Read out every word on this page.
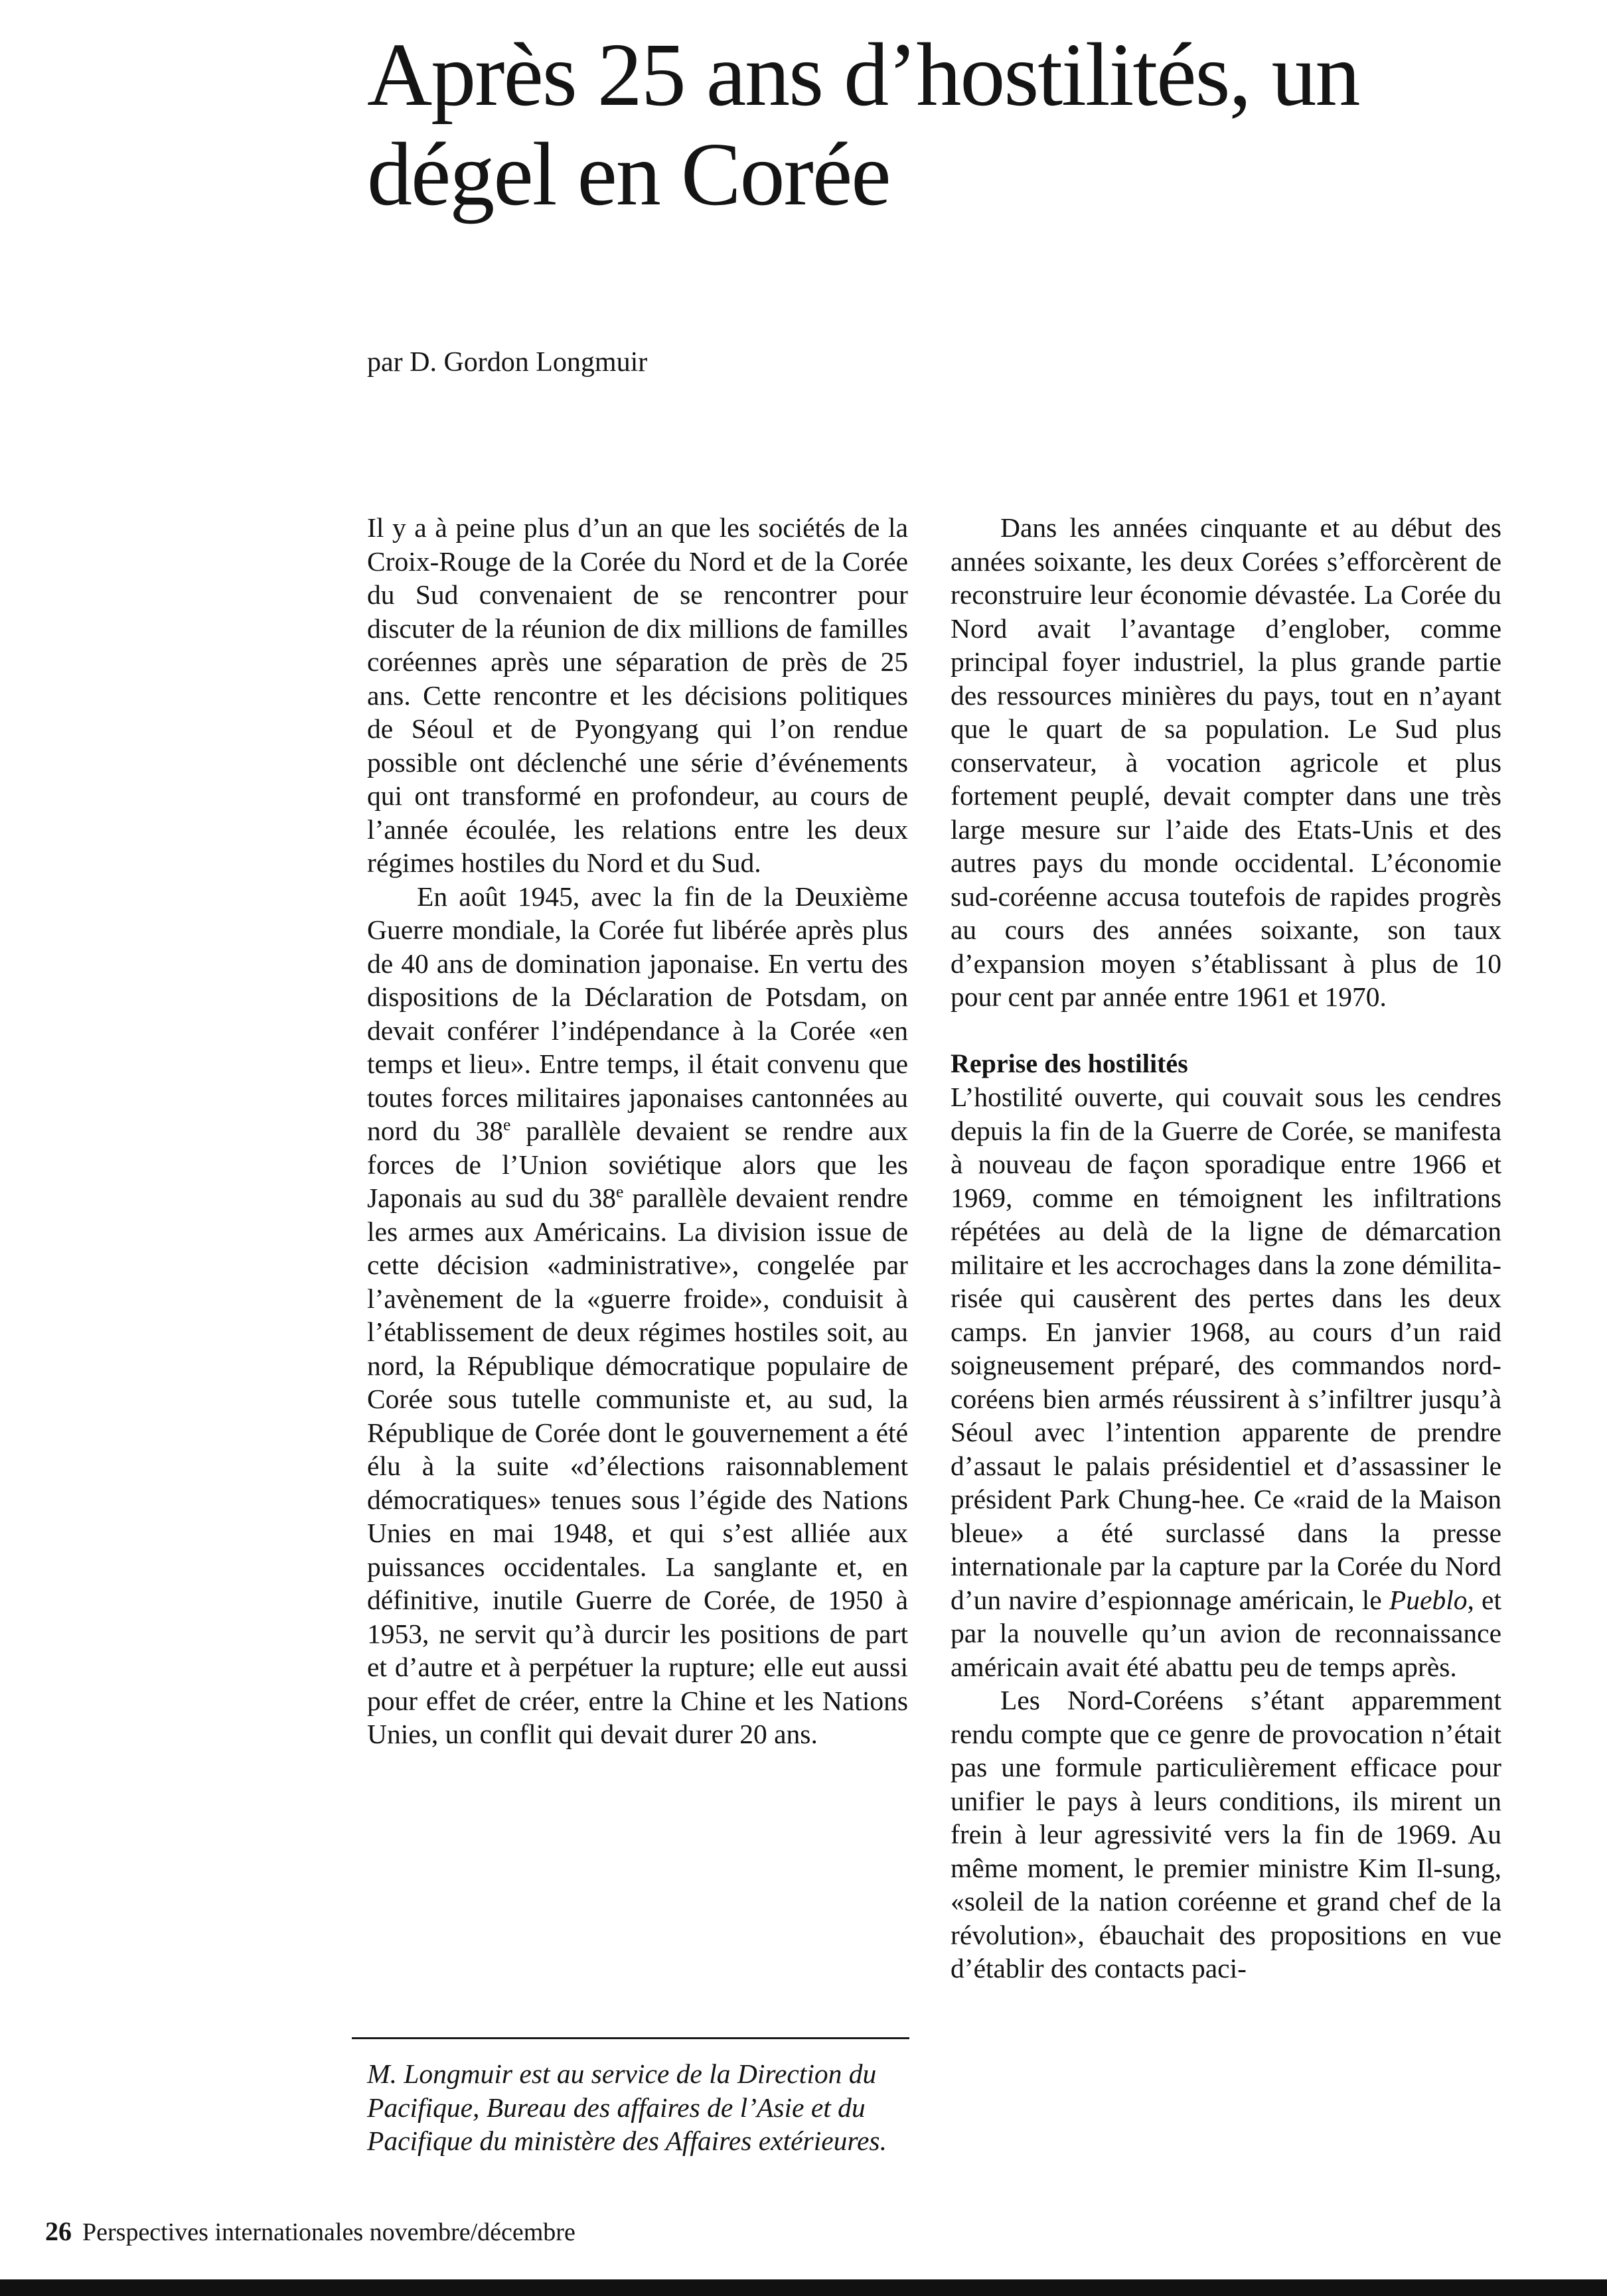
Après 25 ans d’hostilités, un dégel en Corée
par D. Gordon Longmuir

Il y a à peine plus d’un an que les sociétés de la Croix-Rouge de la Corée du Nord et de la Corée du Sud convenaient de se rencontrer pour discuter de la réunion de dix millions de familles coréennes après une séparation de près de 25 ans. Cette rencontre et les décisions politiques de Séoul et de Pyongyang qui l’on rendue possible ont déclenché une série d’événements qui ont transformé en profondeur, au cours de l’année écoulée, les relations entre les deux régimes hostiles du Nord et du Sud.

En août 1945, avec la fin de la Deuxième Guerre mondiale, la Corée fut libérée après plus de 40 ans de domination japonaise. En vertu des dispositions de la Déclaration de Potsdam, on devait conférer l’indépendance à la Corée «en temps et lieu». Entre temps, il était convenu que toutes forces militaires japonaises cantonnées au nord du 38e parallèle devaient se rendre aux forces de l’Union soviétique alors que les Japonais au sud du 38e parallèle devaient rendre les armes aux Américains. La division issue de cette décision «administrative», congelée par l’avènement de la «guerre froide», conduisit à l’établissement de deux régimes hostiles soit, au nord, la République démocratique populaire de Corée sous tutelle communiste et, au sud, la République de Corée dont le gouvernement a été élu à la suite «d’élections raisonnablement démocratiques» tenues sous l’égide des Nations Unies en mai 1948, et qui s’est alliée aux puissances occidentales. La sanglante et, en définitive, inutile Guerre de Corée, de 1950 à 1953, ne servit qu’à durcir les positions de part et d’autre et à perpétuer la rupture; elle eut aussi pour effet de créer, entre la Chine et les Nations Unies, un conflit qui devait durer 20 ans.

Dans les années cinquante et au début des années soixante, les deux Corées s’efforcèrent de reconstruire leur économie dévastée. La Corée du Nord avait l’avantage d’englober, comme principal foyer industriel, la plus grande partie des ressources minières du pays, tout en n’ayant que le quart de sa population. Le Sud plus conservateur, à vocation agricole et plus fortement peuplé, devait compter dans une très large mesure sur l’aide des Etats-Unis et des autres pays du monde occidental. L’économie sud-coréenne accusa toutefois de rapides progrès au cours des années soixante, son taux d’expansion moyen s’établissant à plus de 10 pour cent par année entre 1961 et 1970.

Reprise des hostilités

L’hostilité ouverte, qui couvait sous les cendres depuis la fin de la Guerre de Corée, se manifesta à nouveau de façon sporadique entre 1966 et 1969, comme en témoignent les infiltrations répétées au delà de la ligne de démarcation militaire et les accrochages dans la zone démilitarisée qui causèrent des pertes dans les deux camps. En janvier 1968, au cours d’un raid soigneusement préparé, des commandos nord-coréens bien armés réussirent à s’infiltrer jusqu’à Séoul avec l’intention apparente de prendre d’assaut le palais présidentiel et d’assassiner le président Park Chung-hee. Ce «raid de la Maison bleue» a été surclassé dans la presse internationale par la capture par la Corée du Nord d’un navire d’espionnage américain, le Pueblo, et par la nouvelle qu’un avion de reconnaissance américain avait été abattu peu de temps après.

Les Nord-Coréens s’étant apparemment rendu compte que ce genre de provocation n’était pas une formule particulièrement efficace pour unifier le pays à leurs conditions, ils mirent un frein à leur agressivité vers la fin de 1969. Au même moment, le premier ministre Kim Il-sung, «soleil de la nation coréenne et grand chef de la révolution», ébauchait des propositions en vue d’établir des contacts paci-

M. Longmuir est au service de la Direction du Pacifique, Bureau des affaires de l’Asie et du Pacifique du ministère des Affaires extérieures.
26 Perspectives internationales novembre/décembre
